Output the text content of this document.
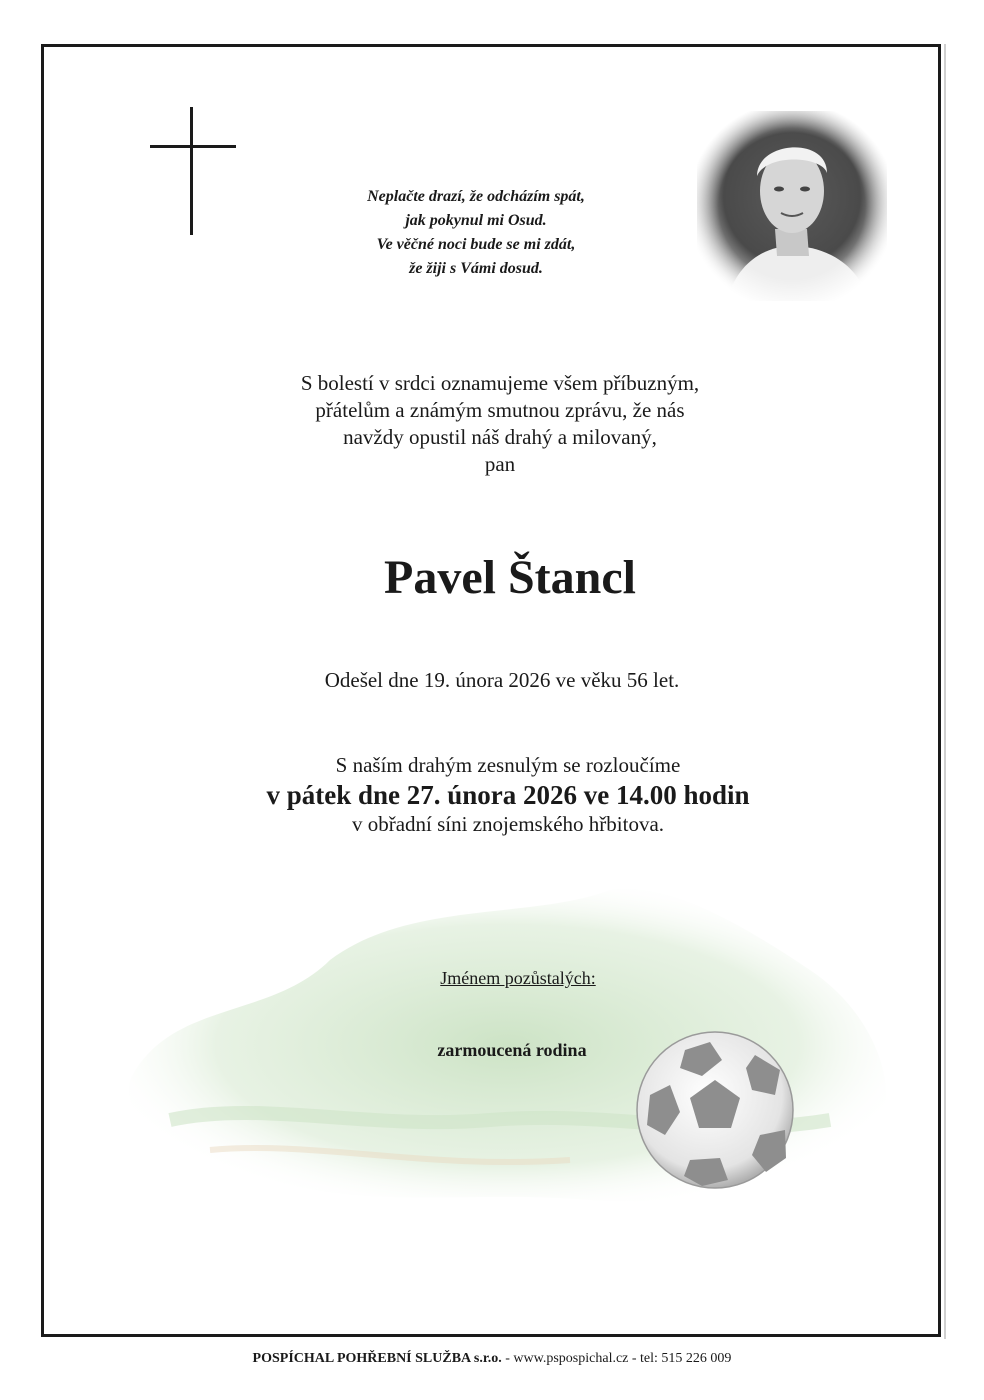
Neplačte drazí, že odcházím spát,
jak pokynul mi Osud.
Ve věčné noci bude se mi zdát,
že žiji s Vámi dosud.
S bolestí v srdci oznamujeme všem příbuzným,
přátelům a známým smutnou zprávu, že nás
navždy opustil náš drahý a milovaný,
pan
Pavel Štancl
Odešel dne 19. února 2026 ve věku 56 let.
S naším drahým zesnulým se rozloučíme
v pátek dne 27. února 2026 ve 14.00 hodin
v obřadní síni znojemského hřbitova.
Jménem pozůstalých:
zarmoucená rodina
POSPÍCHAL POHŘEBNÍ SLUŽBA s.r.o. - www.pspospichal.cz - tel: 515 226 009
